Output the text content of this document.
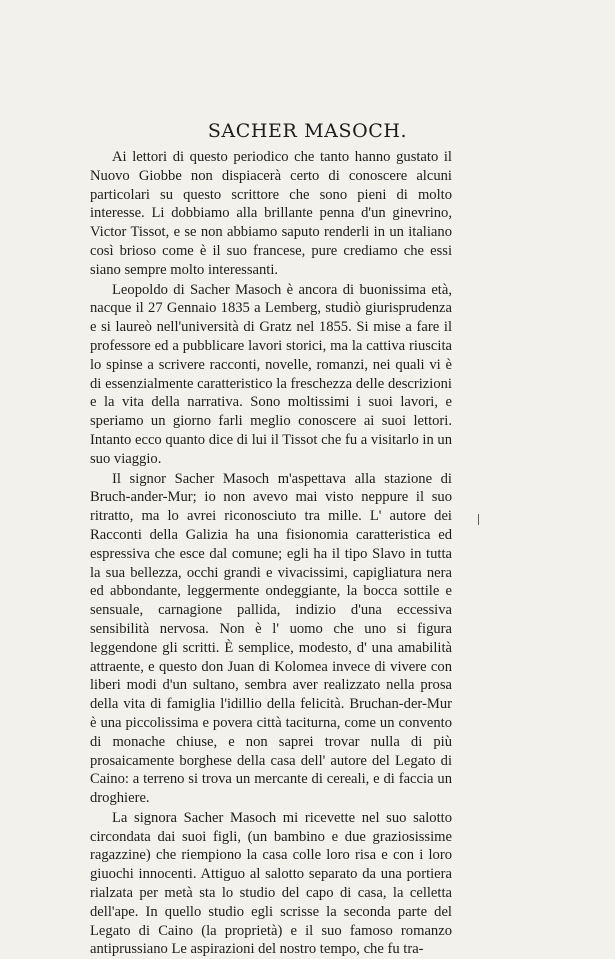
SACHER MASOCH.

Ai lettori di questo periodico che tanto hanno gustato il Nuovo Giobbe non dispiacerà certo di conoscere alcuni particolari su questo scrittore che sono pieni di molto interesse. Li dobbiamo alla brillante penna d'un ginevrino, Victor Tissot, e se non abbiamo saputo renderli in un italiano così brioso come è il suo francese, pure crediamo che essi siano sempre molto interessanti.

Leopoldo di Sacher Masoch è ancora di buonissima età, nacque il 27 Gennaio 1835 a Lemberg, studiò giurisprudenza e si laureò nell'università di Gratz nel 1855. Si mise a fare il professore ed a pubblicare lavori storici, ma la cattiva riuscita lo spinse a scrivere racconti, novelle, romanzi, nei quali vi è di essenzialmente caratteristico la freschezza delle descrizioni e la vita della narrativa. Sono moltissimi i suoi lavori, e speriamo un giorno farli meglio conoscere ai suoi lettori. Intanto ecco quanto dice di lui il Tissot che fu a visitarlo in un suo viaggio.

Il signor Sacher Masoch m'aspettava alla stazione di Bruch-ander-Mur; io non avevo mai visto neppure il suo ritratto, ma lo avrei riconosciuto tra mille. L' autore dei Racconti della Galizia ha una fisionomia caratteristica ed espressiva che esce dal comune; egli ha il tipo Slavo in tutta la sua bellezza, occhi grandi e vivacissimi, capigliatura nera ed abbondante, leggermente ondeggiante, la bocca sottile e sensuale, carnagione pallida, indizio d'una eccessiva sensibilità nervosa. Non è l' uomo che uno si figura leggendone gli scritti. È semplice, modesto, d' una amabilità attraente, e questo don Juan di Kolomea invece di vivere con liberi modi d'un sultano, sembra aver realizzato nella prosa della vita di famiglia l'idillio della felicità. Bruchan-der-Mur è una piccolissima e povera città taciturna, come un convento di monache chiuse, e non saprei trovar nulla di più prosaicamente borghese della casa dell' autore del Legato di Caino: a terreno si trova un mercante di cereali, e di faccia un droghiere.

La signora Sacher Masoch mi ricevette nel suo salotto circondata dai suoi figli, (un bambino e due graziosissime ragazzine) che riempiono la casa colle loro risa e con i loro giuochi innocenti. Attiguo al salotto separato da una portiera rialzata per metà sta lo studio del capo di casa, la celletta dell'ape. In quello studio egli scrisse la seconda parte del Legato di Caino (la proprietà) e il suo famoso romanzo antiprussiano Le aspirazioni del nostro tempo, che fu tra-
